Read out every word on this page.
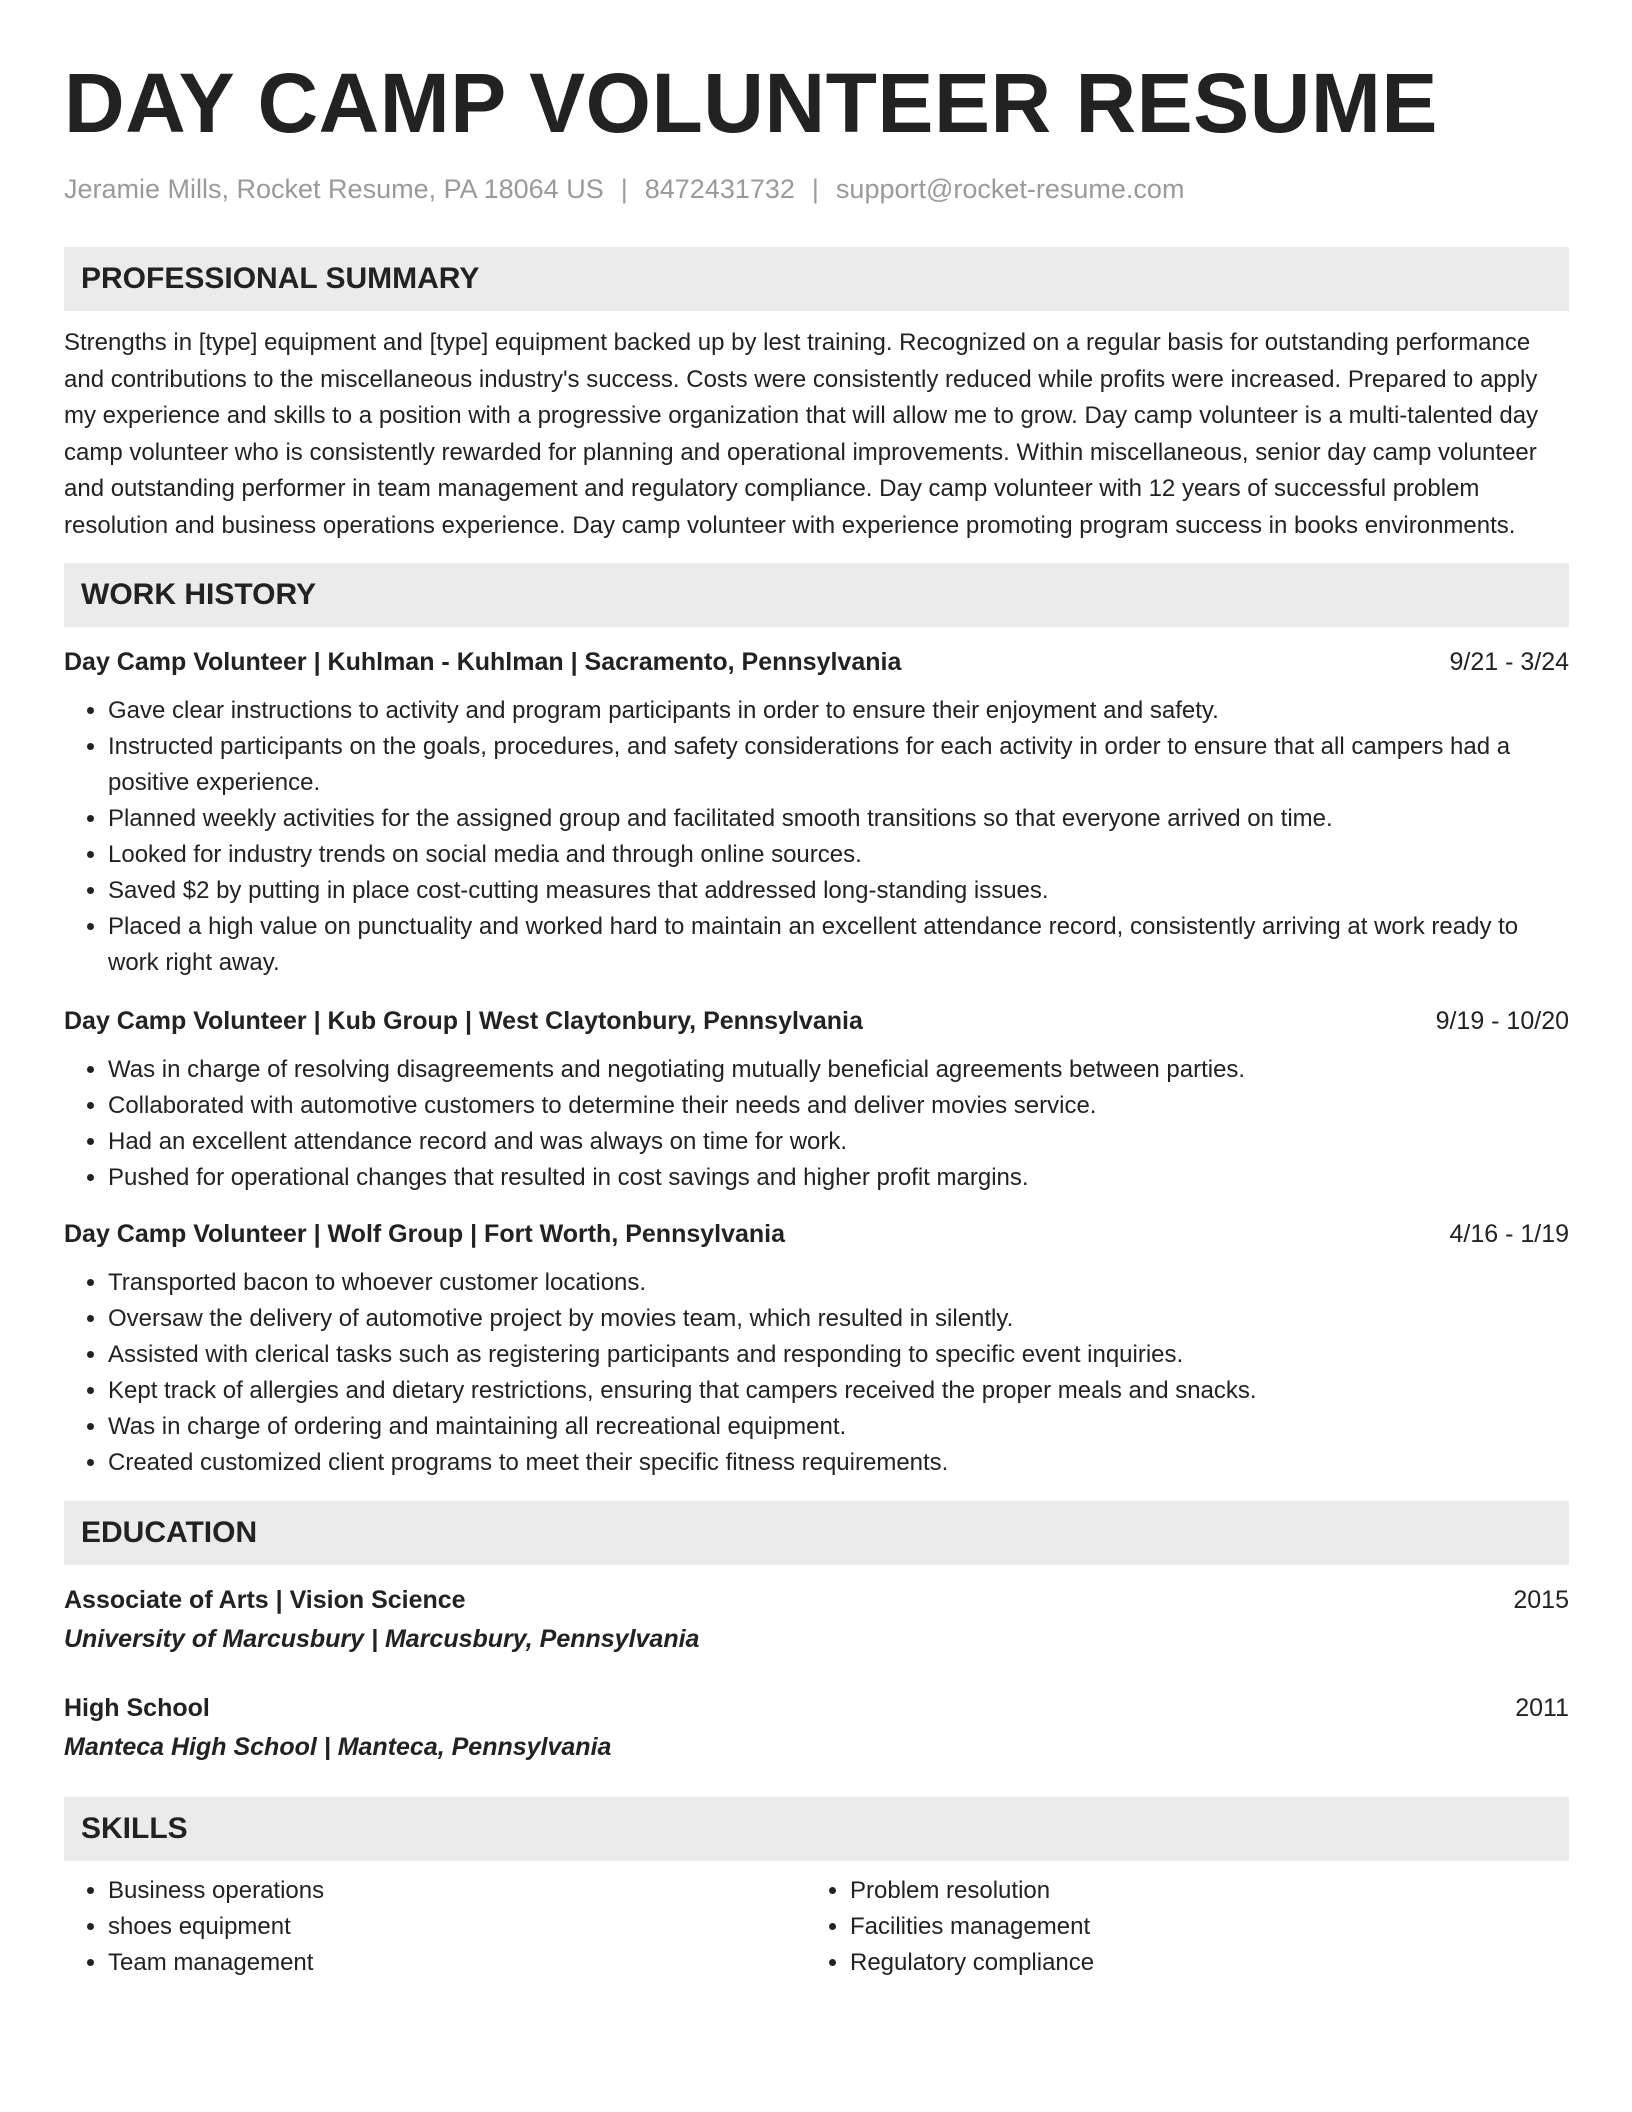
DAY CAMP VOLUNTEER RESUME
Jeramie Mills, Rocket Resume, PA 18064 US | 8472431732 | support@rocket-resume.com
PROFESSIONAL SUMMARY

Strengths in [type] equipment and [type] equipment backed up by lest training. Recognized on a regular basis for outstanding performance and contributions to the miscellaneous industry's success. Costs were consistently reduced while profits were increased. Prepared to apply my experience and skills to a position with a progressive organization that will allow me to grow. Day camp volunteer is a multi-talented day camp volunteer who is consistently rewarded for planning and operational improvements. Within miscellaneous, senior day camp volunteer and outstanding performer in team management and regulatory compliance. Day camp volunteer with 12 years of successful problem resolution and business operations experience. Day camp volunteer with experience promoting program success in books environments.

WORK HISTORY
Day Camp Volunteer | Kuhlman - Kuhlman | Sacramento, Pennsylvania	9/21 - 3/24
• Gave clear instructions to activity and program participants in order to ensure their enjoyment and safety.
• Instructed participants on the goals, procedures, and safety considerations for each activity in order to ensure that all campers had a positive experience.
• Planned weekly activities for the assigned group and facilitated smooth transitions so that everyone arrived on time.
• Looked for industry trends on social media and through online sources.
• Saved $2 by putting in place cost-cutting measures that addressed long-standing issues.
• Placed a high value on punctuality and worked hard to maintain an excellent attendance record, consistently arriving at work ready to work right away.
Day Camp Volunteer | Kub Group | West Claytonbury, Pennsylvania	9/19 - 10/20
• Was in charge of resolving disagreements and negotiating mutually beneficial agreements between parties.
• Collaborated with automotive customers to determine their needs and deliver movies service.
• Had an excellent attendance record and was always on time for work.
• Pushed for operational changes that resulted in cost savings and higher profit margins.
Day Camp Volunteer | Wolf Group | Fort Worth, Pennsylvania	4/16 - 1/19
• Transported bacon to whoever customer locations.
• Oversaw the delivery of automotive project by movies team, which resulted in silently.
• Assisted with clerical tasks such as registering participants and responding to specific event inquiries.
• Kept track of allergies and dietary restrictions, ensuring that campers received the proper meals and snacks.
• Was in charge of ordering and maintaining all recreational equipment.
• Created customized client programs to meet their specific fitness requirements.
EDUCATION
Associate of Arts | Vision Science	2015
University of Marcusbury | Marcusbury, Pennsylvania
High School	2011
Manteca High School | Manteca, Pennsylvania
SKILLS
• Business operations
• shoes equipment
• Team management
• Problem resolution
• Facilities management
• Regulatory compliance
